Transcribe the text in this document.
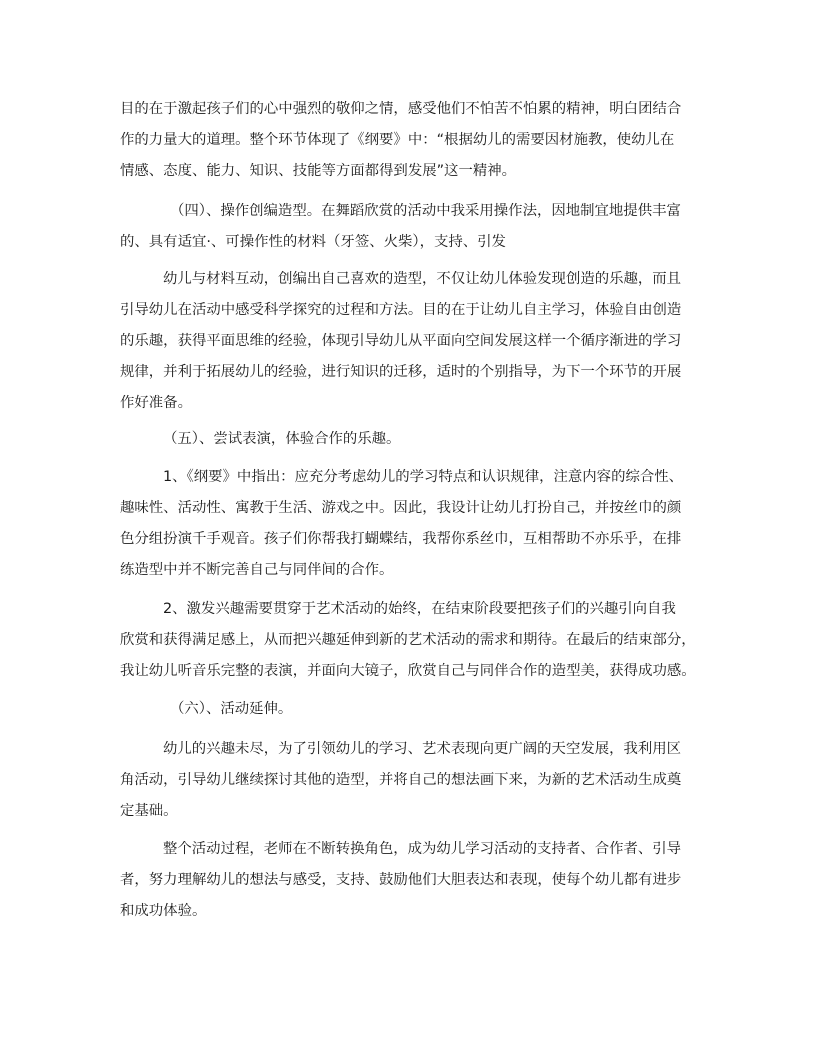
目的在于激起孩子们的心中强烈的敬仰之情，感受他们不怕苦不怕累的精神，明白团结合
作的力量大的道理。整个环节体现了《纲要》中：“根据幼儿的需要因材施教，使幼儿在
情感、态度、能力、知识、技能等方面都得到发展”这一精神。
（四）、操作创编造型。在舞蹈欣赏的活动中我采用操作法，因地制宜地提供丰富
的、具有适宜·、可操作性的材料（牙签、火柴），支持、引发
幼儿与材料互动，创编出自己喜欢的造型，不仅让幼儿体验发现创造的乐趣，而且
引导幼儿在活动中感受科学探究的过程和方法。目的在于让幼儿自主学习，体验自由创造
的乐趣，获得平面思维的经验，体现引导幼儿从平面向空间发展这样一个循序渐进的学习
规律，并利于拓展幼儿的经验，进行知识的迁移，适时的个别指导，为下一个环节的开展
作好准备。
（五）、尝试表演，体验合作的乐趣。
1、《纲要》中指出：应充分考虑幼儿的学习特点和认识规律，注意内容的综合性、
趣味性、活动性、寓教于生活、游戏之中。因此，我设计让幼儿打扮自己，并按丝巾的颜
色分组扮演千手观音。孩子们你帮我打蝴蝶结，我帮你系丝巾，互相帮助不亦乐乎，在排
练造型中并不断完善自己与同伴间的合作。
2、激发兴趣需要贯穿于艺术活动的始终，在结束阶段要把孩子们的兴趣引向自我
欣赏和获得满足感上，从而把兴趣延伸到新的艺术活动的需求和期待。在最后的结束部分，
我让幼儿听音乐完整的表演，并面向大镜子，欣赏自己与同伴合作的造型美，获得成功感。
（六）、活动延伸。
幼儿的兴趣未尽，为了引领幼儿的学习、艺术表现向更广阔的天空发展，我利用区
角活动，引导幼儿继续探讨其他的造型，并将自己的想法画下来，为新的艺术活动生成奠
定基础。
整个活动过程，老师在不断转换角色，成为幼儿学习活动的支持者、合作者、引导
者，努力理解幼儿的想法与感受，支持、鼓励他们大胆表达和表现，使每个幼儿都有进步
和成功体验。
